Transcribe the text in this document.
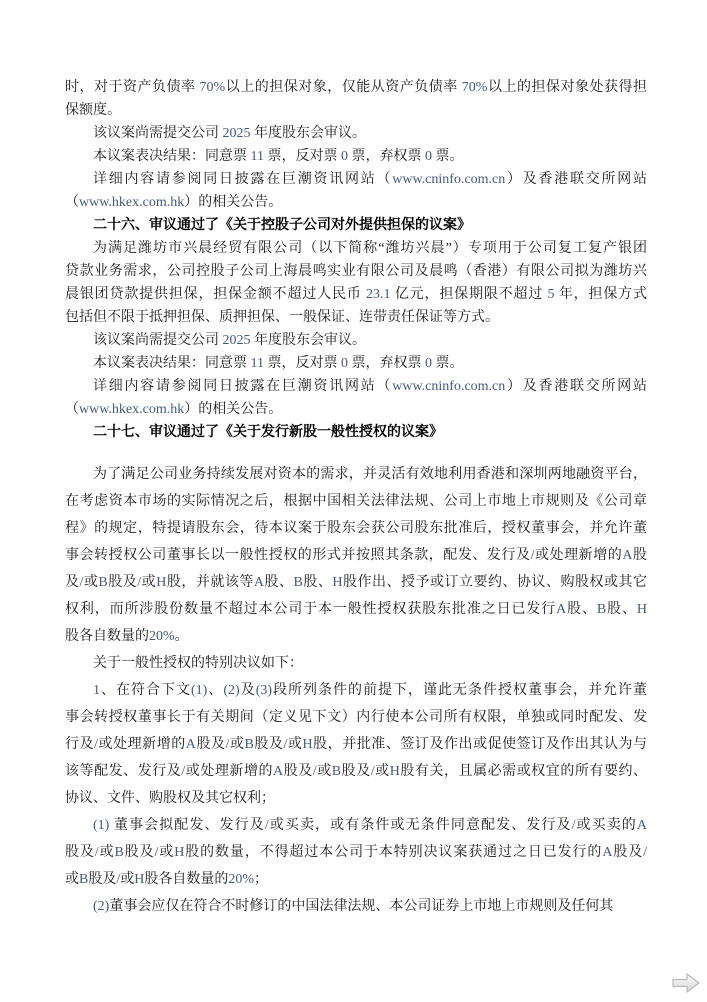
时，对于资产负债率 70%以上的担保对象，仅能从资产负债率 70%以上的担保对象处获得担
保额度。
该议案尚需提交公司 2025 年度股东会审议。
本议案表决结果：同意票 11 票，反对票 0 票，弃权票 0 票。
详细内容请参阅同日披露在巨潮资讯网站（www.cninfo.com.cn）及香港联交所网站
（www.hkex.com.hk）的相关公告。
二十六、审议通过了《关于控股子公司对外提供担保的议案》
为满足潍坊市兴晨经贸有限公司（以下简称“潍坊兴晨”）专项用于公司复工复产银团
贷款业务需求，公司控股子公司上海晨鸣实业有限公司及晨鸣（香港）有限公司拟为潍坊兴
晨银团贷款提供担保，担保金额不超过人民币 23.1 亿元，担保期限不超过 5 年，担保方式
包括但不限于抵押担保、质押担保、一般保证、连带责任保证等方式。
该议案尚需提交公司 2025 年度股东会审议。
本议案表决结果：同意票 11 票，反对票 0 票，弃权票 0 票。
详细内容请参阅同日披露在巨潮资讯网站（www.cninfo.com.cn）及香港联交所网站
（www.hkex.com.hk）的相关公告。
二十七、审议通过了《关于发行新股一般性授权的议案》
为了满足公司业务持续发展对资本的需求，并灵活有效地利用香港和深圳两地融资平台，
在考虑资本市场的实际情况之后，根据中国相关法律法规、公司上市地上市规则及《公司章
程》的规定，特提请股东会，待本议案于股东会获公司股东批准后，授权董事会，并允许董
事会转授权公司董事长以一般性授权的形式并按照其条款，配发、发行及/或处理新增的A股
及/或B股及/或H股，并就该等A股、B股、H股作出、授予或订立要约、协议、购股权或其它
权利，而所涉股份数量不超过本公司于本一般性授权获股东批准之日已发行A股、B股、H
股各自数量的20%。
关于一般性授权的特别决议如下：
1、在符合下文(1)、(2)及(3)段所列条件的前提下，谨此无条件授权董事会，并允许董
事会转授权董事长于有关期间（定义见下文）内行使本公司所有权限，单独或同时配发、发
行及/或处理新增的A股及/或B股及/或H股，并批准、签订及作出或促使签订及作出其认为与
该等配发、发行及/或处理新增的A股及/或B股及/或H股有关，且属必需或权宜的所有要约、
协议、文件、购股权及其它权利；
(1) 董事会拟配发、发行及/或买卖，或有条件或无条件同意配发、发行及/或买卖的A
股及/或B股及/或H股的数量，不得超过本公司于本特别决议案获通过之日已发行的A股及/
或B股及/或H股各自数量的20%；
(2)董事会应仅在符合不时修订的中国法律法规、本公司证券上市地上市规则及任何其
